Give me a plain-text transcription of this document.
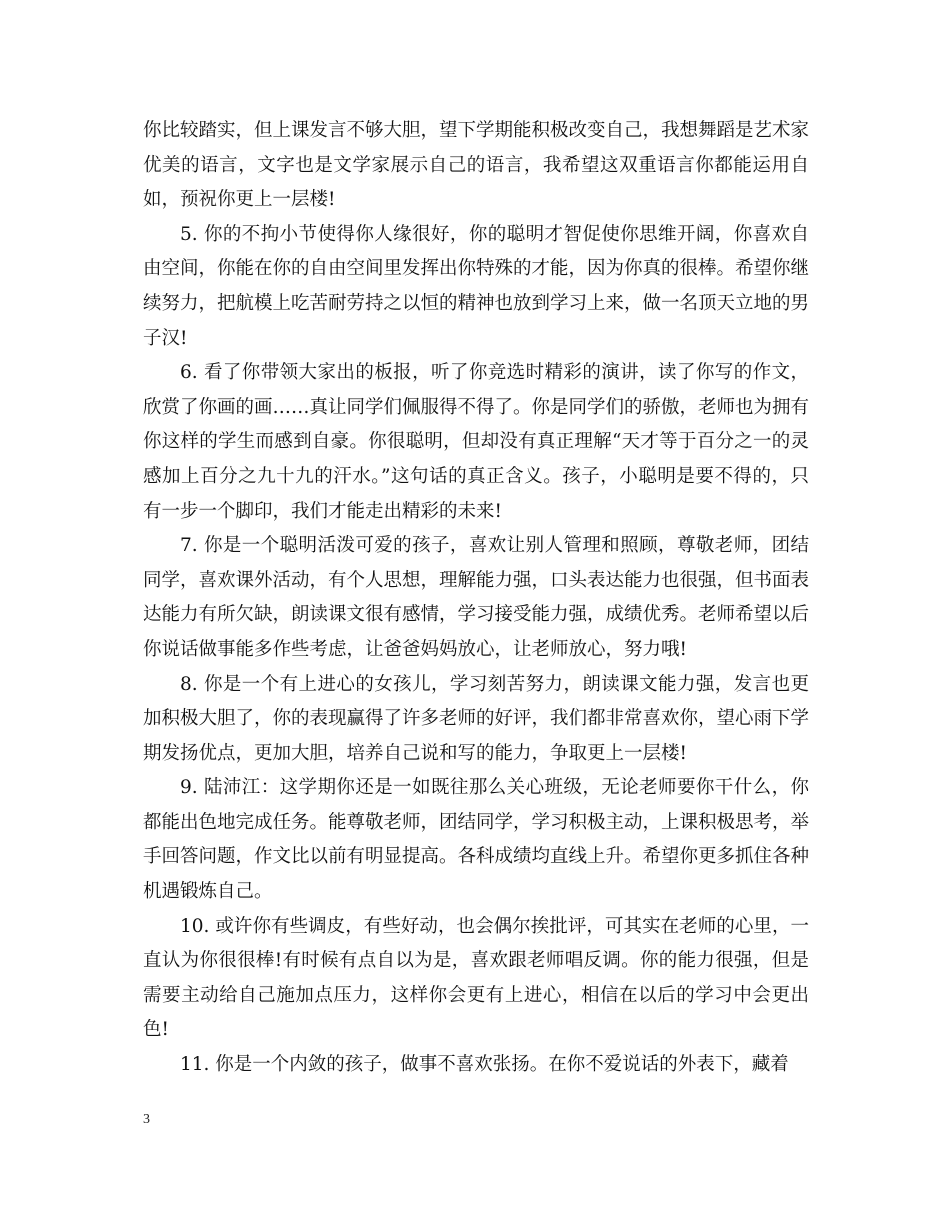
你比较踏实，但上课发言不够大胆，望下学期能积极改变自己，我想舞蹈是艺术家优美的语言，文字也是文学家展示自己的语言，我希望这双重语言你都能运用自如，预祝你更上一层楼!

5. 你的不拘小节使得你人缘很好，你的聪明才智促使你思维开阔，你喜欢自由空间，你能在你的自由空间里发挥出你特殊的才能，因为你真的很棒。希望你继续努力，把航模上吃苦耐劳持之以恒的精神也放到学习上来，做一名顶天立地的男子汉!

6. 看了你带领大家出的板报，听了你竞选时精彩的演讲，读了你写的作文，欣赏了你画的画……真让同学们佩服得不得了。你是同学们的骄傲，老师也为拥有你这样的学生而感到自豪。你很聪明，但却没有真正理解“天才等于百分之一的灵感加上百分之九十九的汗水。”这句话的真正含义。孩子，小聪明是要不得的，只有一步一个脚印，我们才能走出精彩的未来!

7. 你是一个聪明活泼可爱的孩子，喜欢让别人管理和照顾，尊敬老师，团结同学，喜欢课外活动，有个人思想，理解能力强，口头表达能力也很强，但书面表达能力有所欠缺，朗读课文很有感情，学习接受能力强，成绩优秀。老师希望以后你说话做事能多作些考虑，让爸爸妈妈放心，让老师放心，努力哦!

8. 你是一个有上进心的女孩儿，学习刻苦努力，朗读课文能力强，发言也更加积极大胆了，你的表现赢得了许多老师的好评，我们都非常喜欢你，望心雨下学期发扬优点，更加大胆，培养自己说和写的能力，争取更上一层楼!

9. 陆沛江：这学期你还是一如既往那么关心班级，无论老师要你干什么，你都能出色地完成任务。能尊敬老师，团结同学，学习积极主动，上课积极思考，举手回答问题，作文比以前有明显提高。各科成绩均直线上升。希望你更多抓住各种机遇锻炼自己。

10. 或许你有些调皮，有些好动，也会偶尔挨批评，可其实在老师的心里，一直认为你很很棒!有时候有点自以为是，喜欢跟老师唱反调。你的能力很强，但是需要主动给自己施加点压力，这样你会更有上进心，相信在以后的学习中会更出色!

11. 你是一个内敛的孩子，做事不喜欢张扬。在你不爱说话的外表下，藏着

3
